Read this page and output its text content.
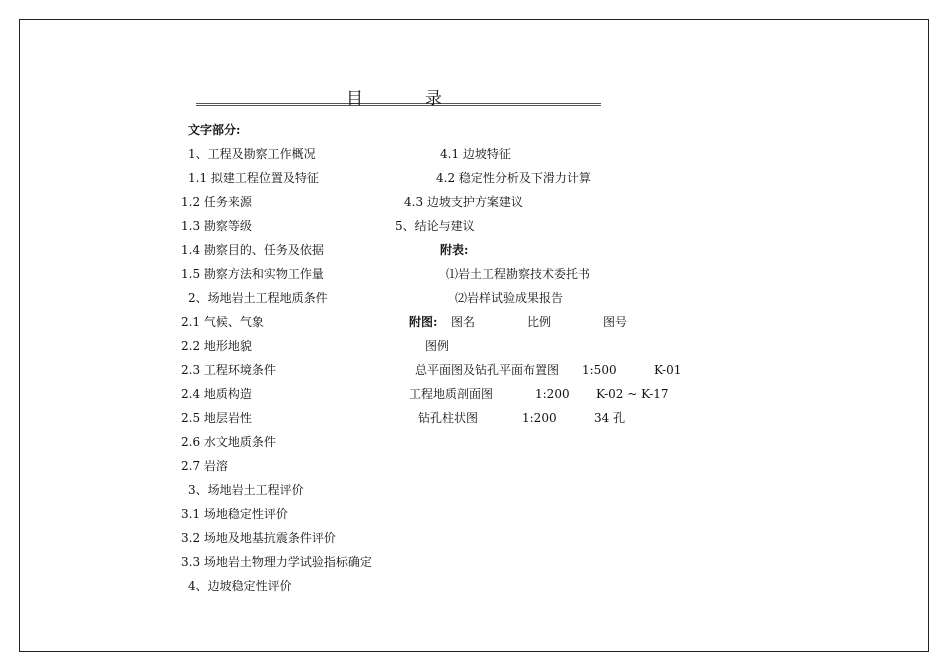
目	录
文字部分:
1、工程及勘察工作概况
1.1 拟建工程位置及特征
1.2 任务来源
1.3 勘察等级
1.4 勘察目的、任务及依据
1.5 勘察方法和实物工作量
2、场地岩土工程地质条件
2.1 气候、气象
2.2 地形地貌
2.3 工程环境条件
2.4 地质构造
2.5 地层岩性
2.6 水文地质条件
2.7 岩溶
3、场地岩土工程评价
3.1 场地稳定性评价
3.2 场地及地基抗震条件评价
3.3 场地岩土物理力学试验指标确定
4、边坡稳定性评价
4.1 边坡特征
4.2 稳定性分析及下滑力计算
4.3 边坡支护方案建议
5、结论与建议
附表:
⑴岩土工程勘察技术委托书
⑵岩样试验成果报告
附图: 图名	比例	图号
图例
总平面图及钻孔平面布置图 1:500	K-01
工程地质剖面图	1:200 K-02 ~ K-17
钻孔柱状图	1:200	34 孔
